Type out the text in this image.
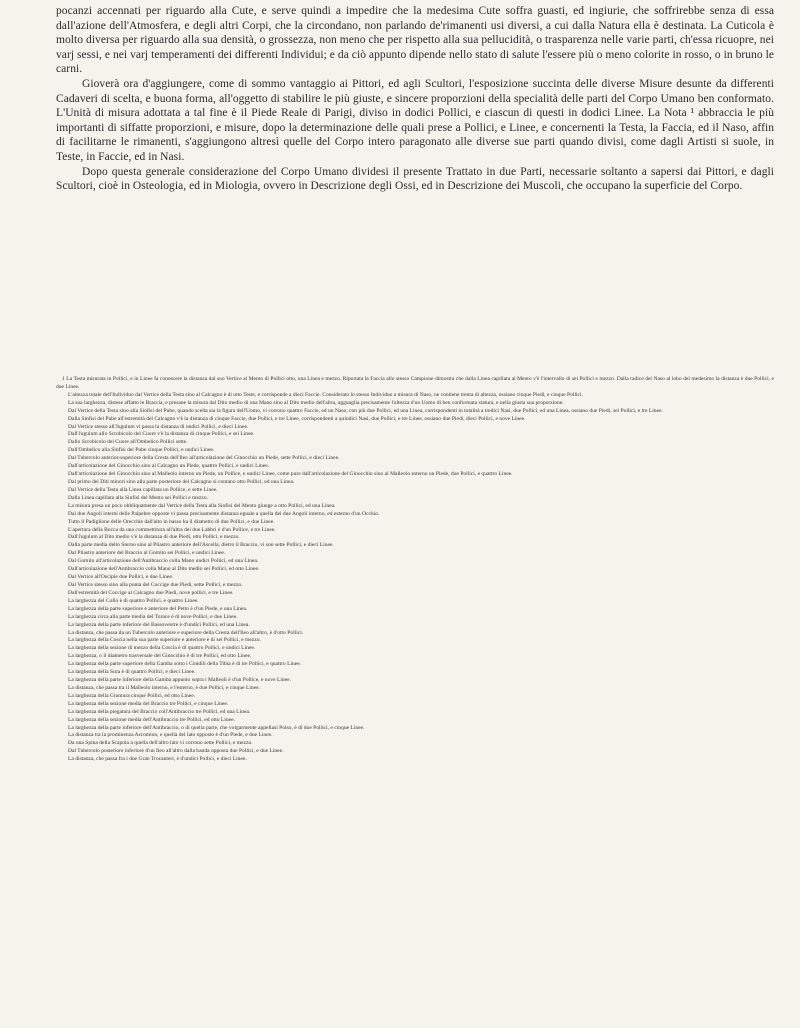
pocanzi accennati per riguardo alla Cute, e serve quindi a impedire che la medesima Cute soffra guasti, ed ingiurie, che soffrirebbe senza di essa dall'azione dell'Atmosfera, e degli altri Corpi, che la circondano, non parlando de'rimanenti usi diversi, a cui dalla Natura ella è destinata. La Cuticola è molto diversa per riguardo alla sua densità, o grossezza, non meno che per rispetto alla sua pellucidità, o trasparenza nelle varie parti, ch'essa ricuopre, nei varj sessi, e nei varj temperamenti dei differenti Individui; e da ciò appunto dipende nello stato di salute l'essere più o meno colorite in rosso, o in bruno le carni.

Gioverà ora d'aggiungere, come di sommo vantaggio ai Pittori, ed agli Scultori, l'esposizione succinta delle diverse Misure desunte da differenti Cadaveri di scelta, e buona forma, all'oggetto di stabilire le più giuste, e sincere proporzioni della specialità delle parti del Corpo Umano ben conformato. L'Unità di misura adottata a tal fine è il Piede Reale di Parigi, diviso in dodici Pollici, e ciascun di questi in dodici Linee. La Nota ¹ abbraccia le più importanti di siffatte proporzioni, e misure, dopo la determinazione delle quali prese a Pollici, e Linee, e concernenti la Testa, la Faccia, ed il Naso, affin di facilitarne le rimanenti, s'aggiungono altresì quelle del Corpo intero paragonato alle diverse sue parti quando divisi, come dagli Artisti si suole, in Teste, in Faccie, ed in Nasi.

Dopo questa generale considerazione del Corpo Umano dividesi il presente Trattato in due Parti, necessarie soltanto a sapersi dai Pittori, e dagli Scultori, cioè in Osteologia, ed in Miologia, ovvero in Descrizione degli Ossi, ed in Descrizione dei Muscoli, che occupano la superficie del Corpo.

1 La Testa misurata in Pollici, e in Linee fa conoscere la distanza dal suo Vertice al Mento di Pollici otto, una Linea e mezzo. Riportata la Faccia allo stesso Campione dimostra che dalla Linea capillata al Mento v'è l'intervallo di sei Pollici e mezzo. Dalla radice del Naso al lobo del medesimo la distanza è due Pollici, e due Linee.

L'altezza totale dell'Individuo dal Vertice della Testa sino al Calcagno è di otto Teste, e corrisponde a dieci Faccie. Considerato lo stesso Individuo a misura di Naso, ne contiene trenta di altezza, ossiano cinque Piedi, e cinque Pollici.

La sua larghezza, distese affatto le Braccia, e presane la misura dal Dito medio di una Mano sino al Dito medio dell'altra, agguaglia precisamente l'altezza d'un Uomo di ben conformata statura, e nella giusta sua proporzione.

Dal Vertice della Testa sino alla Siofisi del Pube, quando scelta sia la figura dell'Uomo, vi corrono quattro Faccie, ed un Naso, con più due Pollici, ed una Linea, corrispondenti in totalità a tredici Nasi, due Pollici, ed una Linea, ossiano due Piedi, sei Pollici, e tre Linee.

Dalla Sinfisi del Pube all'estremità del Calcagno v'è la distanza di cinque Faccie, due Pollici, e tre Linee, corrispondenti a quindici Nasi, due Pollici, e tre Linee, ossiano due Piedi, dieci Pollici, e nove Linee.

Dal Vertice stesso all'Jugulum vi passa la distanza di undici Pollici, e dieci Linee.

Dall'Jugulum allo Scrobicolo del Cuore v'è la distanza di cinque Pollici, e sei Linee.

Dallo Scrobicolo del Cuore all'Ombelico Pollici sette.

Dall'Ombelico alla Sinfisi del Pube cinque Pollici, e undici Linee.

Dal Tubercolo anterior-superiore della Cresta dell'Ileo all'articolazione del Ginocchio un Piede, sette Pollici, e dieci Linee.

Dall'articolazione del Ginocchio sino al Calcagno un Piede, quattro Pollici, e undici Linee.

Dall'articolazione del Ginocchio sino al Malleolo interno un Piede, un Pollice, e undici Linee, come pure dall'articolazione del Ginocchio sino al Malleolo esterno un Piede, due Pollici, e quattro Linee.

Dal primo dei Diti minori sino alla parte posteriore del Calcagno si contano otto Pollici, ed una Linea.

Dal Vertice della Testa alla Linea capillata un Pollice, e sette Linee.

Dalla Linea capillata alla Sinfisi del Mento sei Pollici e mezzo.

La misura presa un poco obbliquamente dal Vertice della Testa alla Sinfisi del Mento giunge a otto Pollici, ed una Linea.

Dai due Angoli interni delle Palpebre opposte vi passa precisamente distanza eguale a quella dei due Angoli interno, ed esterno d'un Occhio.

Tutto il Padiglione delle Orecchie dall'alto in basso ha il diametro di due Pollici, e due Linee.

L'apertura della Bocca da una commettitura all'altra dei due Labbri è d'un Pollice, e tre Linee.

Dall'Jugulum al Dito medio v'è la distanza di due Piedi, otto Pollici, e mezzo.

Dalla parte media dello Sterno sino al Pilastro anteriore dell'Ascella, dietro il Braccio, vi son sette Pollici, e dieci Linee.

Dal Pilastro anteriore del Braccio al Gomito sei Pollici, e undici Linee.

Dal Gomito all'articolazione dell'Antibraccio colla Mano undici Pollici, ed una Linea.

Dall'articolazione dell'Antibraccio colla Mano al Dito medio sei Pollici, ed otto Linee.

Dal Vertice all'Osciple due Pollici, e due Linee.

Dal Vertice stesso sino alla punta del Coccige due Piedi, sette Pollici, e mezzo.

Dall'estremità del Coccige al Calcagno due Piedi, nove pollici, e tre Linee.

La larghezza del Collo è di quattro Pollici, e quattro Linee.

La larghezza della parte superiore e anteriore del Petto è d'un Piede, e una Linea.

La larghezza circa alla parte media del Torace è di nove Pollici, e due Linee.

La larghezza della parte inferiore del Bassoventre è d'undici Pollici, ed una Linea.

La distanza, che passa da un Tubercolo anteriore e superiore della Cresta dell'Ileo all'altro, è d'otto Pollici.

La larghezza della Coscia nella sua parte superiore e anteriore è di sei Pollici, e mezzo.

La larghezza della sezione di mezzo della Coscia è di quattro Pollici, e undici Linee.

La larghezza, o il diametro trasversale del Ginocchio è di tre Pollici, ed otto Linee.

La larghezza della parte superiore della Gamba sotto i Condili della Tibia è di tre Pollici, e quattro Linee.

La larghezza della Sura è di quattro Pollici, e dieci Linee.

La larghezza della parte inferiore della Gamba appunto sopra i Malleoli è d'un Pollice, e nove Linee.

La distanza, che passa tra il Malleolo interno, e l'esterno, è due Pollici, e cinque Linee.

La larghezza della Giuntura cinque Pollici, ed otto Linee.

La larghezza della sezione media del Braccio tre Pollici, e cinque Linee.

La larghezza della piegatura del Braccio coll'Antibraccio tre Pollici, ed una Linea.

La larghezza della sezione media dell'Antibraccio tre Pollici, ed otto Linee.

La larghezza della parte inferiore dell'Antibraccio, o di quella parte, che volgarmente appellasi Polso, è di due Pollici, e cinque Linee.

La distanza tra la prominenza Acromion, e quella del lato opposto è d'un Piede, e due Linee.

Da una Spina della Scapola a quella dell'altro lato vi corrono sette Pollici, e mezzo.

Dal Tubercolo posteriore inferiore d'un Ileo all'altro dalla banda opposta due Pollici, e due Linee.

La distanza, che passa fra i due Gran Trocanteri, è d'undici Pollici, e dieci Linee.
